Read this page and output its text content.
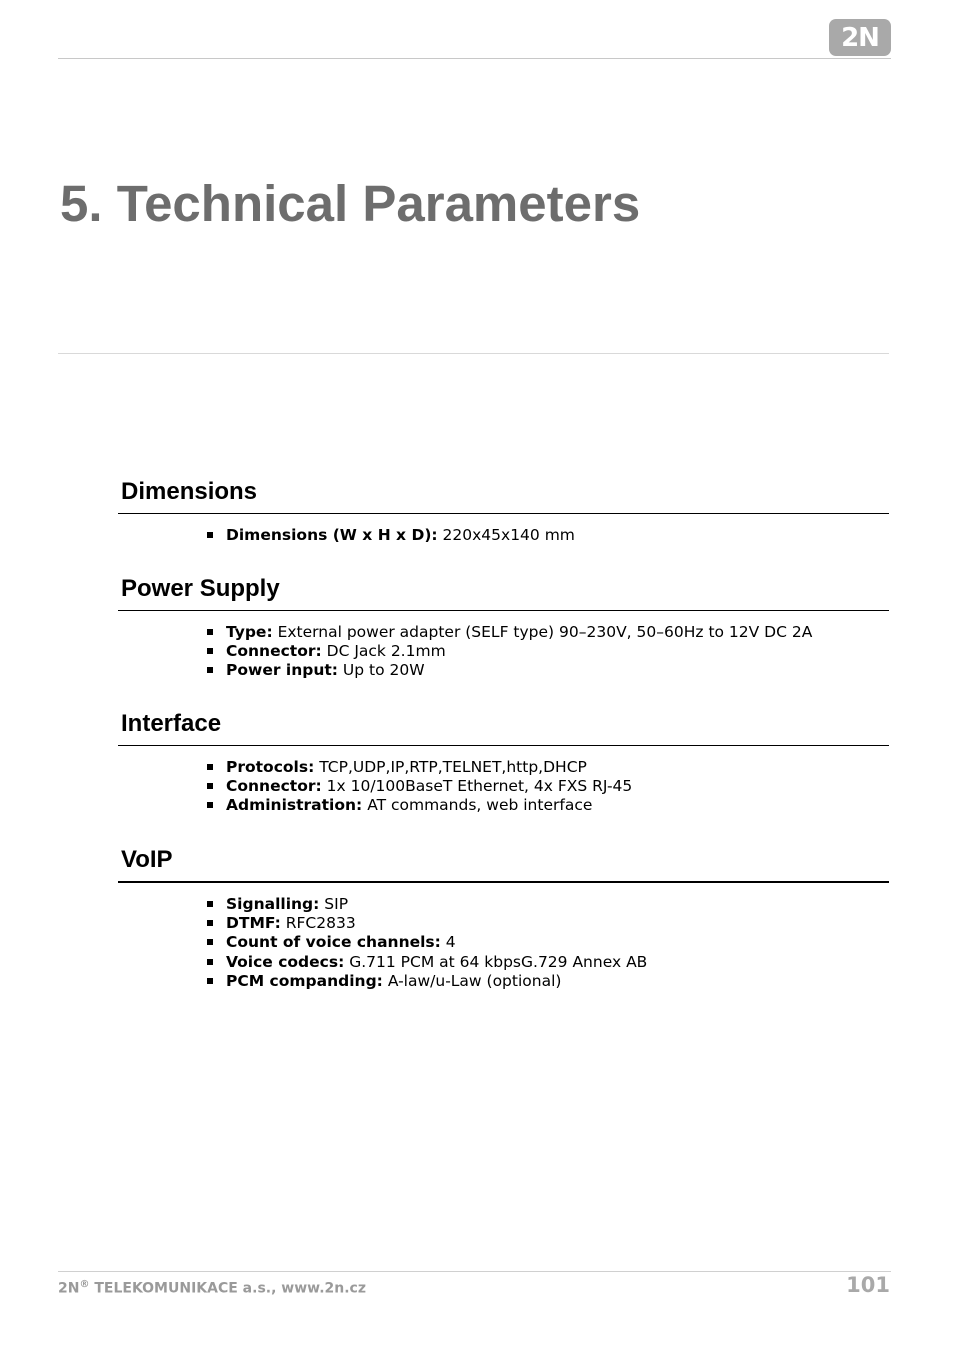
2N
5. Technical Parameters
Dimensions
Dimensions (W x H x D): 220x45x140 mm
Power Supply
Type: External power adapter (SELF type) 90–230V, 50–60Hz to 12V DC 2A
Connector: DC Jack 2.1mm
Power input: Up to 20W
Interface
Protocols: TCP,UDP,IP,RTP,TELNET,http,DHCP
Connector: 1x 10/100BaseT Ethernet, 4x FXS RJ-45
Administration: AT commands, web interface
VoIP
Signalling: SIP
DTMF: RFC2833
Count of voice channels: 4
Voice codecs: G.711 PCM at 64 kbpsG.729 Annex AB
PCM companding: A-law/u-Law (optional)
2N® TELEKOMUNIKACE a.s., www.2n.cz	101
